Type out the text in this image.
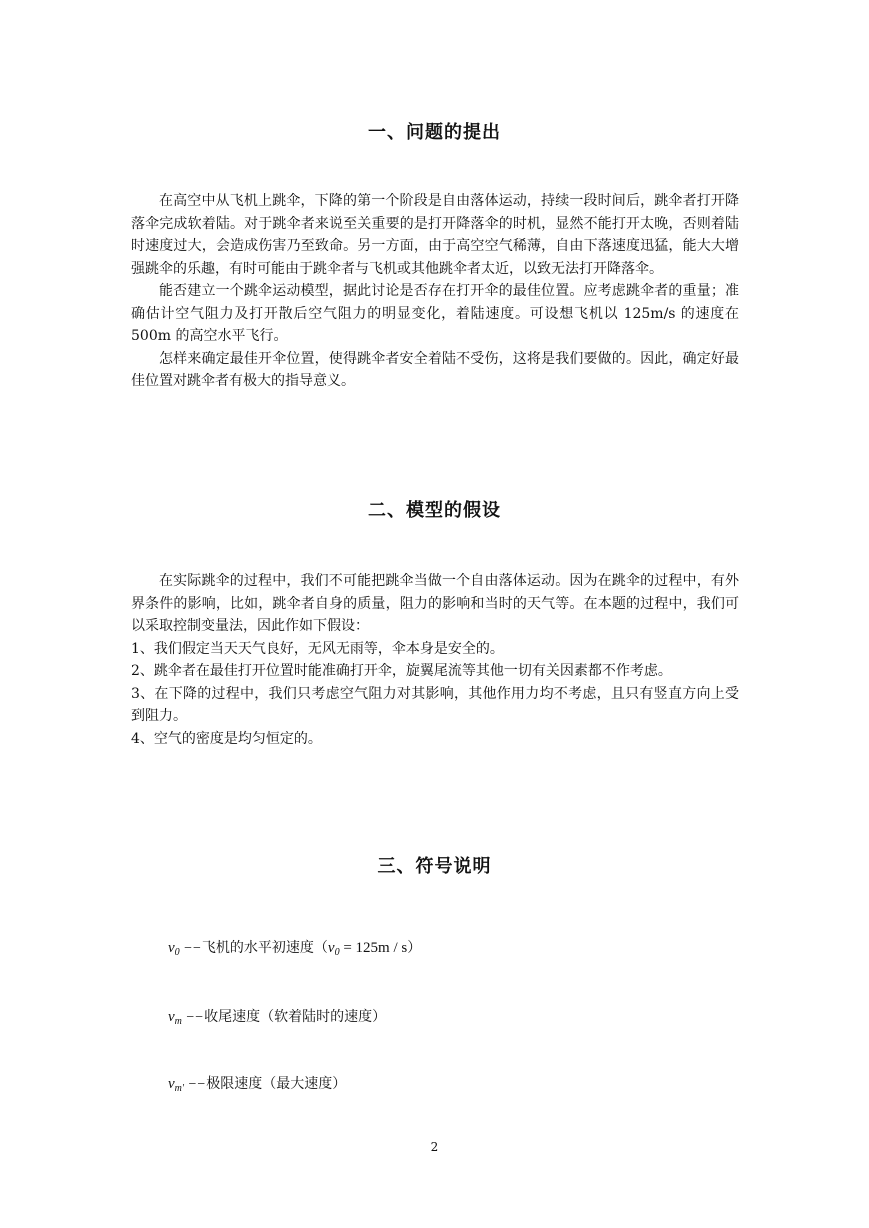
一、问题的提出

在高空中从飞机上跳伞，下降的第一个阶段是自由落体运动，持续一段时间后，跳伞者打开降落伞完成软着陆。对于跳伞者来说至关重要的是打开降落伞的时机，显然不能打开太晚，否则着陆时速度过大，会造成伤害乃至致命。另一方面，由于高空空气稀薄，自由下落速度迅猛，能大大增强跳伞的乐趣，有时可能由于跳伞者与飞机或其他跳伞者太近，以致无法打开降落伞。

能否建立一个跳伞运动模型，据此讨论是否存在打开伞的最佳位置。应考虑跳伞者的重量；准确估计空气阻力及打开散后空气阻力的明显变化，着陆速度。可设想飞机以 125m/s 的速度在 500m 的高空水平飞行。

怎样来确定最佳开伞位置，使得跳伞者安全着陆不受伤，这将是我们要做的。因此，确定好最佳位置对跳伞者有极大的指导意义。

二、模型的假设

在实际跳伞的过程中，我们不可能把跳伞当做一个自由落体运动。因为在跳伞的过程中，有外界条件的影响，比如，跳伞者自身的质量，阻力的影响和当时的天气等。在本题的过程中，我们可以采取控制变量法，因此作如下假设：

1、我们假定当天天气良好，无风无雨等，伞本身是安全的。

2、跳伞者在最佳打开位置时能准确打开伞，旋翼尾流等其他一切有关因素都不作考虑。

3、在下降的过程中，我们只考虑空气阻力对其影响，其他作用力均不考虑，且只有竖直方向上受到阻力。

4、空气的密度是均匀恒定的。

三、符号说明
$v_0$ −−飞机的水平初速度$(v_0 = 125m / s)$
$v_m$ −−收尾速度（软着陆时的速度）
$v_{m'}$ −−极限速度（最大速度）
2
